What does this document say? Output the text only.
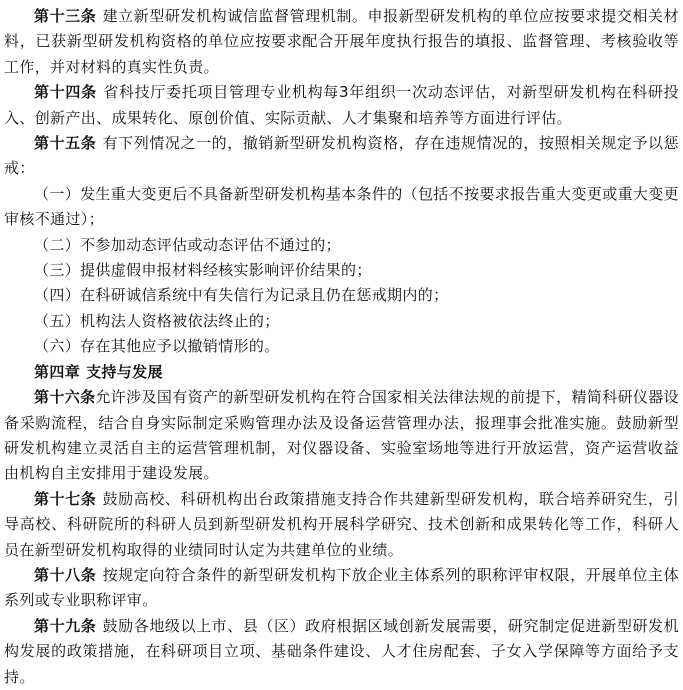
第十三条 建立新型研发机构诚信监督管理机制。申报新型研发机构的单位应按要求提交相关材料，已获新型研发机构资格的单位应按要求配合开展年度执行报告的填报、监督管理、考核验收等工作，并对材料的真实性负责。

第十四条 省科技厅委托项目管理专业机构每3年组织一次动态评估，对新型研发机构在科研投入、创新产出、成果转化、原创价值、实际贡献、人才集聚和培养等方面进行评估。

第十五条 有下列情况之一的，撤销新型研发机构资格，存在违规情况的，按照相关规定予以惩戒：

（一）发生重大变更后不具备新型研发机构基本条件的（包括不按要求报告重大变更或重大变更审核不通过）；

（二）不参加动态评估或动态评估不通过的；

（三）提供虚假申报材料经核实影响评价结果的；

（四）在科研诚信系统中有失信行为记录且仍在惩戒期内的；

（五）机构法人资格被依法终止的；

（六）存在其他应予以撤销情形的。

第四章 支持与发展

第十六条允许涉及国有资产的新型研发机构在符合国家相关法律法规的前提下，精简科研仪器设备采购流程，结合自身实际制定采购管理办法及设备运营管理办法，报理事会批准实施。鼓励新型研发机构建立灵活自主的运营管理机制，对仪器设备、实验室场地等进行开放运营，资产运营收益由机构自主安排用于建设发展。

第十七条 鼓励高校、科研机构出台政策措施支持合作共建新型研发机构，联合培养研究生，引导高校、科研院所的科研人员到新型研发机构开展科学研究、技术创新和成果转化等工作，科研人员在新型研发机构取得的业绩同时认定为共建单位的业绩。

第十八条 按规定向符合条件的新型研发机构下放企业主体系列的职称评审权限，开展单位主体系列或专业职称评审。

第十九条 鼓励各地级以上市、县（区）政府根据区域创新发展需要，研究制定促进新型研发机构发展的政策措施，在科研项目立项、基础条件建设、人才住房配套、子女入学保障等方面给予支持。
